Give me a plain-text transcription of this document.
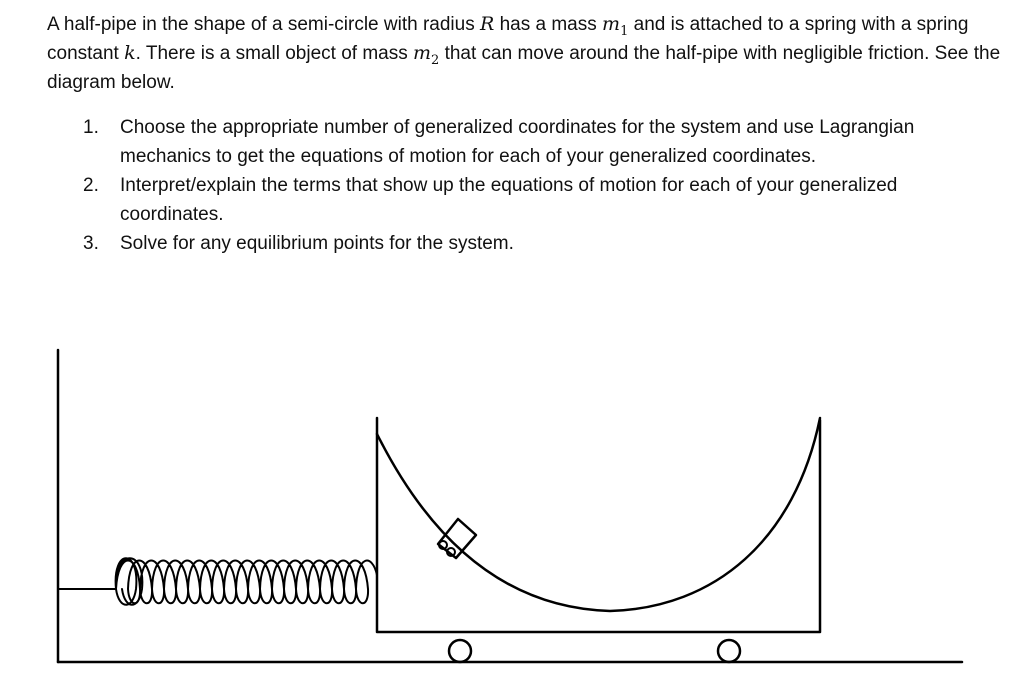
A half-pipe in the shape of a semi-circle with radius R has a mass $m_1$ and is attached to a spring with a spring constant k. There is a small object of mass $m_2$ that can move around the half-pipe with negligible friction. See the diagram below.

1.	Choose the appropriate number of generalized coordinates for the system and use Lagrangian mechanics to get the equations of motion for each of your generalized coordinates.
2.	Interpret/explain the terms that show up the equations of motion for each of your generalized coordinates.
3.	Solve for any equilibrium points for the system.
